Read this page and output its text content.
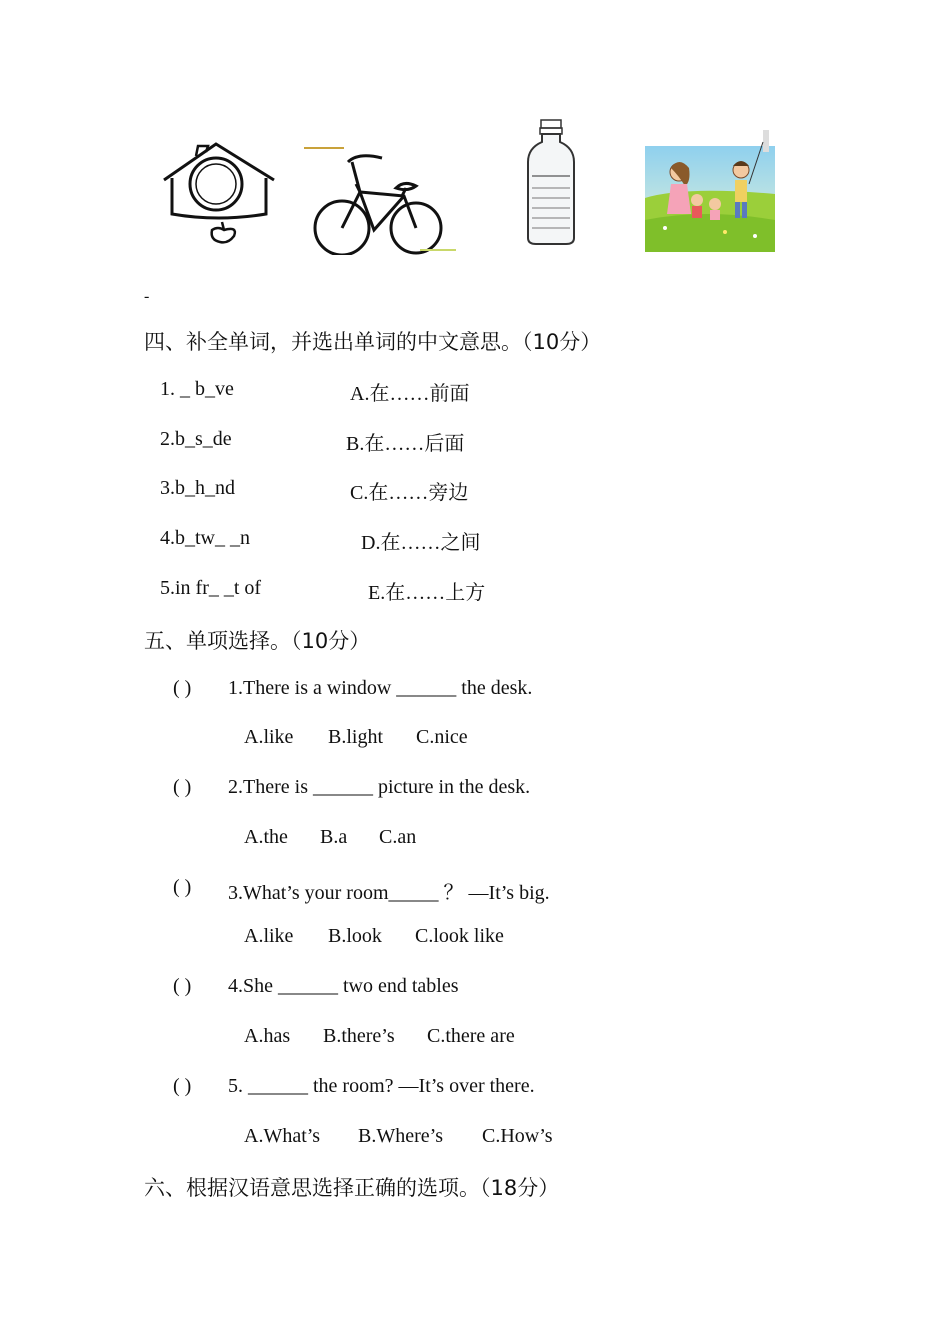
-
四、补全单词，并选出单词的中文意思。（10分）
1. _ b_ve	A.在……前面
2.b_s_de	B.在……后面
3.b_h_nd	C.在……旁边
4.b_tw_ _n	D.在……之间
5.in fr_ _t of	E.在……上方
五、单项选择。（10分）
( ) 1.There is a window ______ the desk.
A.like B.light C.nice
( ) 2.There is ______ picture in the desk.
A.the B.a C.an
( ) 3.What’s your room_____ ？ —It’s big.
A.like B.look C.look like
( ) 4.She ______ two end tables
A.has B.there’s C.there are
( ) 5. ______ the room? —It’s over there.
A.What’s B.Where’s C.How’s
六、根据汉语意思选择正确的选项。（18分）
